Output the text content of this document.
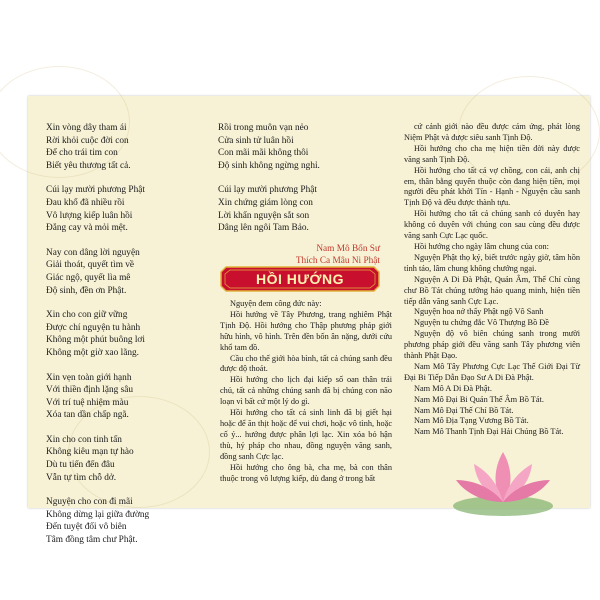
Xin vòng dây tham ái
Rời khỏi cuộc đời con
Để cho trái tim con
Biết yêu thương tất cả.
Cúi lạy mười phương Phật
Đau khổ đã nhiều rồi
Vô lượng kiếp luân hồi
Đắng cay và mỏi mệt.
Nay con dâng lời nguyện
Giải thoát, quyết tìm về
Giác ngộ, quyết lìa mê
Độ sinh, đền ơn Phật.
Xin cho con giữ vững
Được chí nguyện tu hành
Không một phút buông lơi
Không một giờ xao lãng.
Xin vẹn toàn giới hạnh
Với thiền định lặng sâu
Với trí tuệ nhiệm màu
Xóa tan dần chấp ngã.
Xin cho con tinh tấn
Không kiêu mạn tự hào
Dù tu tiến đến đâu
Vẫn tự tìm chỗ dở.
Nguyện cho con đi mãi
Không dừng lại giữa đường
Đến tuyệt đối vô biên
Tâm đồng tâm chư Phật.
Rồi trong muôn vạn nẻo
Cửa sinh tử luân hồi
Con mãi mãi không thôi
Độ sinh không ngừng nghỉ.
Cúi lạy mười phương Phật
Xin chứng giám lòng con
Lời khẩn nguyện sắt son
Dâng lên ngôi Tam Bảo.
Nam Mô Bổn Sư
Thích Ca Mâu Ni Phật
HỒI HƯỚNG

Nguyện đem công đức này:

Hồi hướng về Tây Phương, trang nghiêm Phật Tịnh Độ. Hồi hướng cho Thập phương pháp giới hữu hình, vô hình. Trên đền bốn ân nặng, dưới cứu khổ tam đồ.

Cầu cho thế giới hòa bình, tất cả chúng sanh đều được độ thoát.

Hồi hướng cho lịch đại kiếp số oan thân trái chủ, tất cả những chúng sanh đã bị chúng con não loạn vì bất cứ một lý do gì.

Hồi hướng cho tất cả sinh linh đã bị giết hại hoặc để ăn thịt hoặc để vui chơi, hoặc vô tình, hoặc cố ý... hướng được phân lợi lạc. Xin xóa bỏ hận thù, hỷ pháp cho nhau, đồng nguyện vãng sanh, đồng sanh Cực lạc.

Hồi hướng cho ông bà, cha mẹ, bà con thân thuộc trong vô lượng kiếp, dù đang ở trong bất

cứ cảnh giới nào đều được cảm ứng, phát lòng Niệm Phật và được siêu sanh Tịnh Độ.

Hồi hướng cho cha mẹ hiện tiền đời này được vãng sanh Tịnh Độ.

Hồi hướng cho tất cả vợ chồng, con cái, anh chị em, thân bằng quyến thuộc còn đang hiện tiền, mọi người đều phát khởi Tín - Hạnh - Nguyện cầu sanh Tịnh Độ và đều được thành tựu.

Hồi hướng cho tất cả chúng sanh có duyên hay không có duyên với chúng con sau cùng đều được vãng sanh Cực Lạc quốc.

Hồi hướng cho ngày lâm chung của con:

Nguyện Phật thọ ký, biết trước ngày giờ, tâm hồn tỉnh táo, lâm chung không chướng ngại.

Nguyện A Di Đà Phật, Quán Âm, Thế Chí cùng chư Bồ Tát chúng tướng hảo quang minh, hiện tiền tiếp dẫn vãng sanh Cực Lạc.

Nguyện hoa nở thấy Phật ngộ Vô Sanh

Nguyện tu chứng đắc Vô Thượng Bồ Đề

Nguyện độ vô biên chúng sanh trong mười phương pháp giới đều vãng sanh Tây phương viên thành Phật Đạo.

Nam Mô Tây Phương Cực Lạc Thế Giới Đại Từ Đại Bi Tiếp Dẫn Đạo Sư A Di Đà Phật.

Nam Mô A Di Đà Phật.

Nam Mô Đại Bi Quán Thế Âm Bồ Tát.

Nam Mô Đại Thế Chí Bồ Tát.

Nam Mô Địa Tạng Vương Bồ Tát.

Nam Mô Thanh Tịnh Đại Hải Chúng Bồ Tát.
